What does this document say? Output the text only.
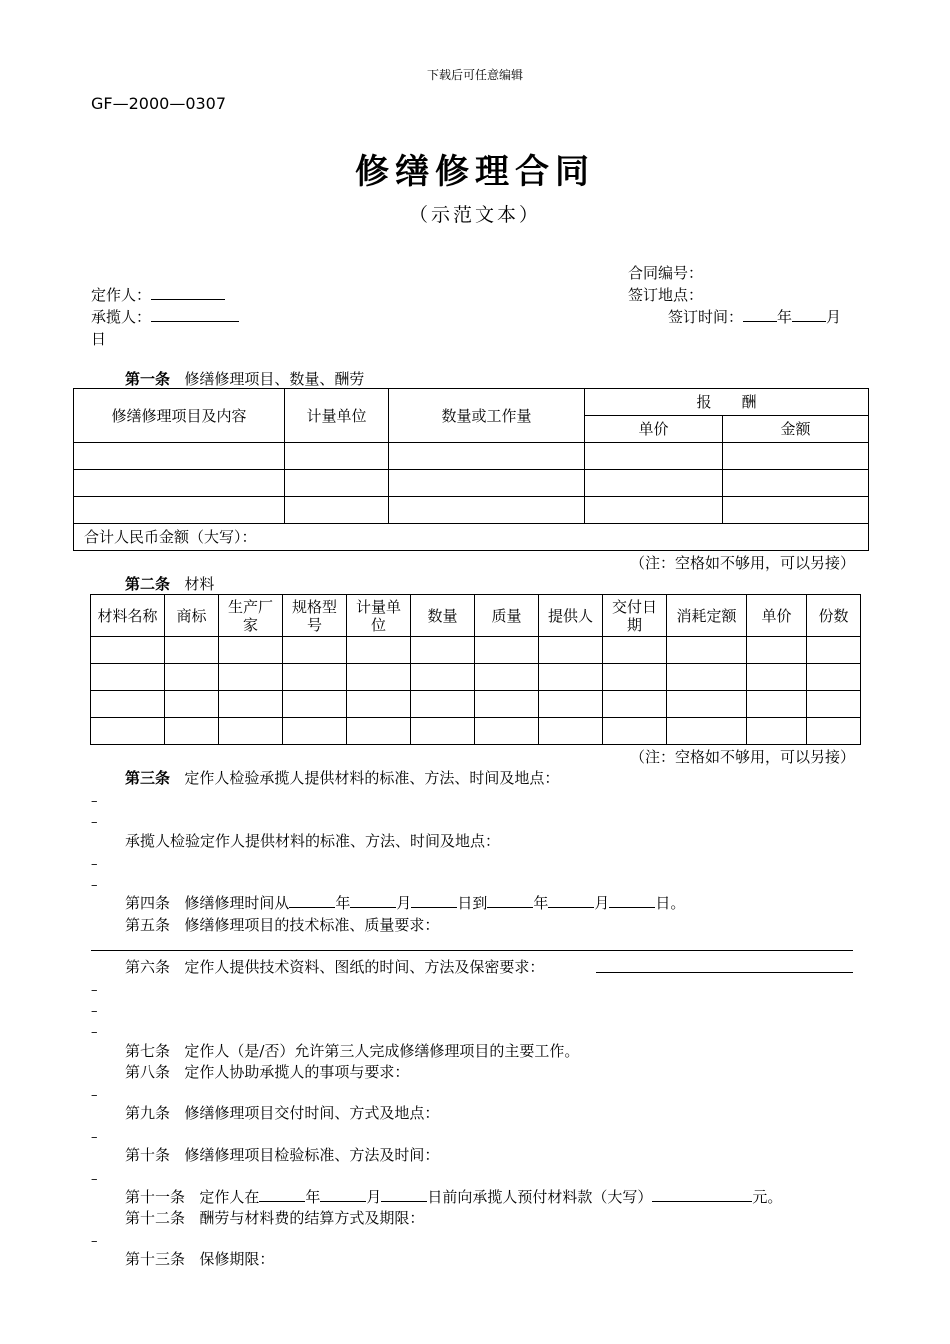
下载后可任意编辑
GF—2000—0307
修缮修理合同
（示范文本）
合同编号：
签订地点：
定作人：
承揽人：	签订时间： 年 月
日
第一条 修缮修理项目、数量、酬劳
修缮修理项目及内容	计量单位	数量或工作量	报　　酬	
			单价	金额

合计人民币金额（大写）：				
（注：空格如不够用，可以另接）
第二条 材料
材料名称	商标	生产厂家	规格型号	计量单位	数量	质量	提供人	交付日期	消耗定额	单价	份数

（注：空格如不够用，可以另接）
第三条 定作人检验承揽人提供材料的标准、方法、时间及地点：
–
–
承揽人检验定作人提供材料的标准、方法、时间及地点：
–
–
第四条 修缮修理时间从	年	月	日到	年	月	日。
第五条 修缮修理项目的技术标准、质量要求：
第六条 定作人提供技术资料、图纸的时间、方法及保密要求：
–
–
–
第七条 定作人（是/否）允许第三人完成修缮修理项目的主要工作。
第八条 定作人协助承揽人的事项与要求：
–
第九条 修缮修理项目交付时间、方式及地点：
–
第十条 修缮修理项目检验标准、方法及时间：
–
第十一条 定作人在	年	月	日前向承揽人预付材料款（大写）	元。
第十二条 酬劳与材料费的结算方式及期限：
–
第十三条 保修期限：
